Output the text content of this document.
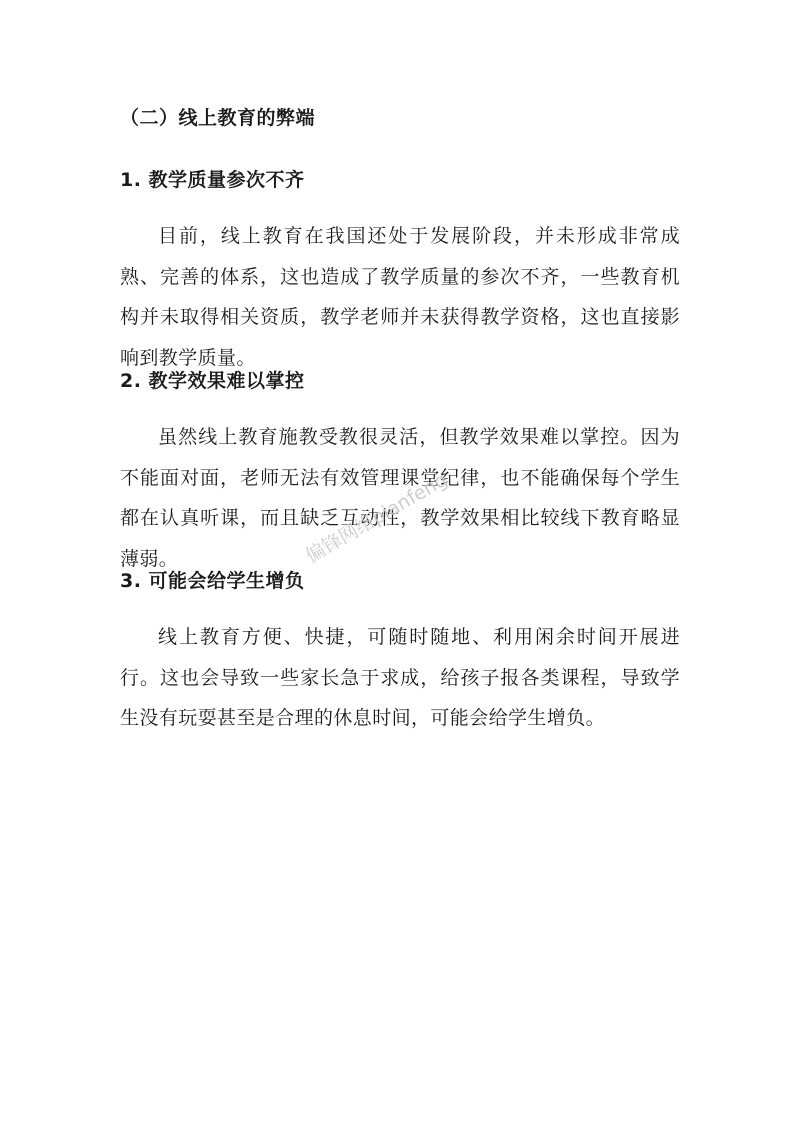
（二）线上教育的弊端
1. 教学质量参次不齐
目前，线上教育在我国还处于发展阶段，并未形成非常成熟、完善的体系，这也造成了教学质量的参次不齐，一些教育机构并未取得相关资质，教学老师并未获得教学资格，这也直接影响到教学质量。
2. 教学效果难以掌控
虽然线上教育施教受教很灵活，但教学效果难以掌控。因为不能面对面，老师无法有效管理课堂纪律，也不能确保每个学生都在认真听课，而且缺乏互动性，教学效果相比较线下教育略显薄弱。
3. 可能会给学生增负
线上教育方便、快捷，可随时随地、利用闲余时间开展进行。这也会导致一些家长急于求成，给孩子报各类课程，导致学生没有玩耍甚至是合理的休息时间，可能会给学生增负。
偏锋网络pianfeng
